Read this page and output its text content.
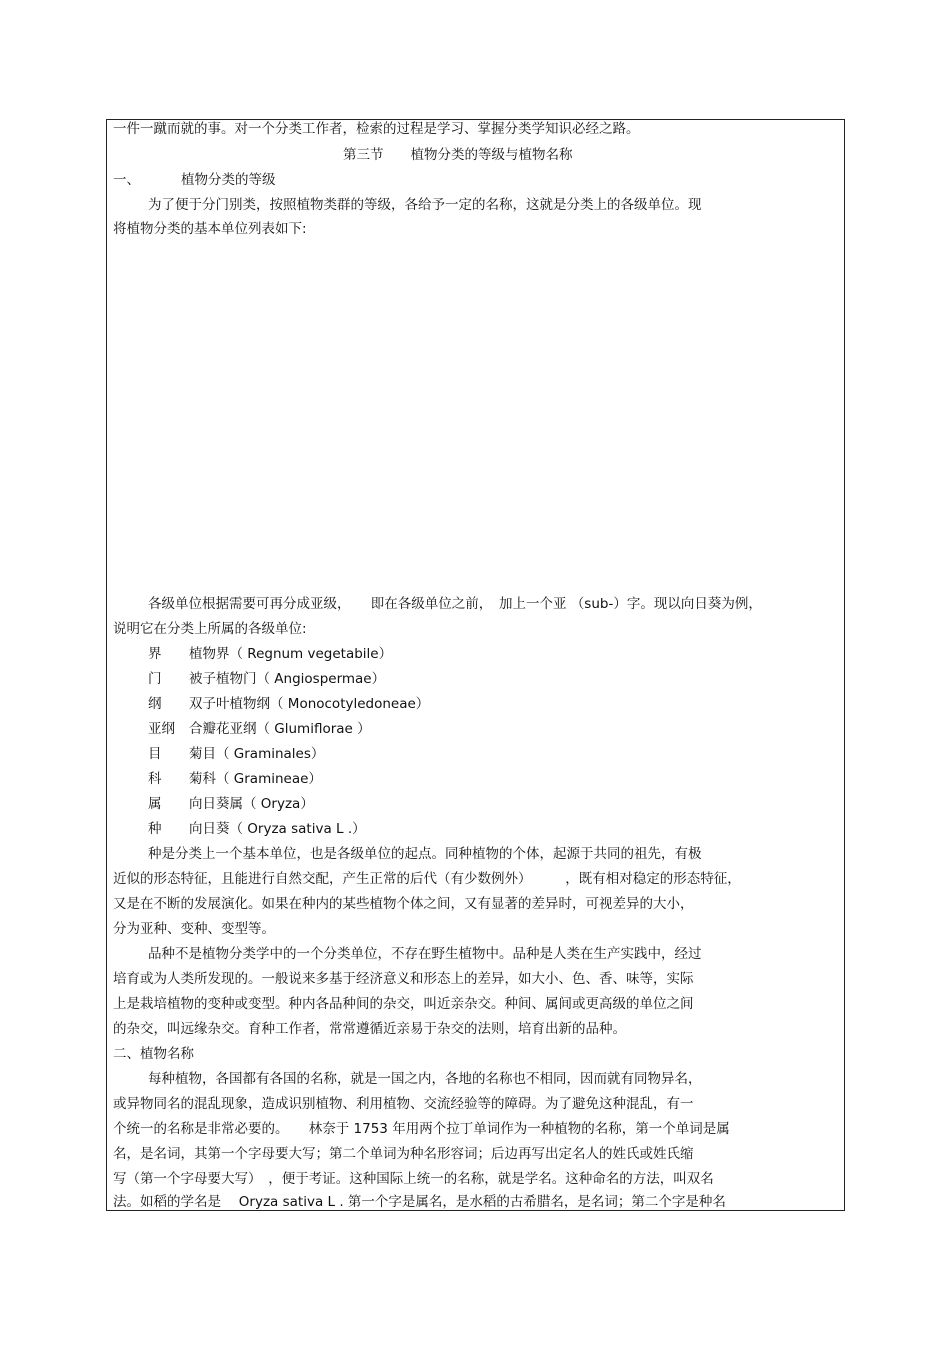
一件一蹴而就的事。对一个分类工作者，检索的过程是学习、掌握分类学知识必经之路。
第三节　　植物分类的等级与植物名称
一、	植物分类的等级
为了便于分门别类，按照植物类群的等级，各给予一定的名称，这就是分类上的各级单位。现
将植物分类的基本单位列表如下:
各级单位根据需要可再分成亚级，　　即在各级单位之前，　加上一个亚 （sub-）字。现以向日葵为例，
说明它在分类上所属的各级单位:
界 植物界（ Regnum vegetabile）
门 被子植物门（ Angiospermae）
纲 双子叶植物纲（ Monocotyledoneae）
亚纲 合瓣花亚纲（ Glumiflorae ）
目 菊目（ Graminales）
科 菊科（ Gramineae）
属 向日葵属（ Oryza）
种 向日葵（ Oryza sativa L .）
种是分类上一个基本单位，也是各级单位的起点。同种植物的个体，起源于共同的祖先，有极
近似的形态特征，且能进行自然交配，产生正常的后代（有少数例外）　　　，既有相对稳定的形态特征，
又是在不断的发展演化。如果在种内的某些植物个体之间，又有显著的差异时，可视差异的大小，
分为亚种、变种、变型等。
品种不是植物分类学中的一个分类单位，不存在野生植物中。品种是人类在生产实践中，经过
培育或为人类所发现的。一般说来多基于经济意义和形态上的差异，如大小、色、香、味等，实际
上是栽培植物的变种或变型。种内各品种间的杂交，叫近亲杂交。种间、属间或更高级的单位之间
的杂交，叫远缘杂交。育种工作者，常常遵循近亲易于杂交的法则，培育出新的品种。
二、植物名称
每种植物，各国都有各国的名称，就是一国之内，各地的名称也不相同，因而就有同物异名，
或异物同名的混乱现象，造成识别植物、利用植物、交流经验等的障碍。为了避免这种混乱，有一
个统一的名称是非常必要的。　　林奈于 1753 年用两个拉丁单词作为一种植物的名称，第一个单词是属
名，是名词，其第一个字母要大写；第二个单词为种名形容词；后边再写出定名人的姓氏或姓氏缩
写（第一个字母要大写）　，便于考证。这种国际上统一的名称，就是学名。这种命名的方法，叫双名
法。如稻的学名是　 Oryza sativa L . 第一个字是属名，是水稻的古希腊名，是名词；第二个字是种名
